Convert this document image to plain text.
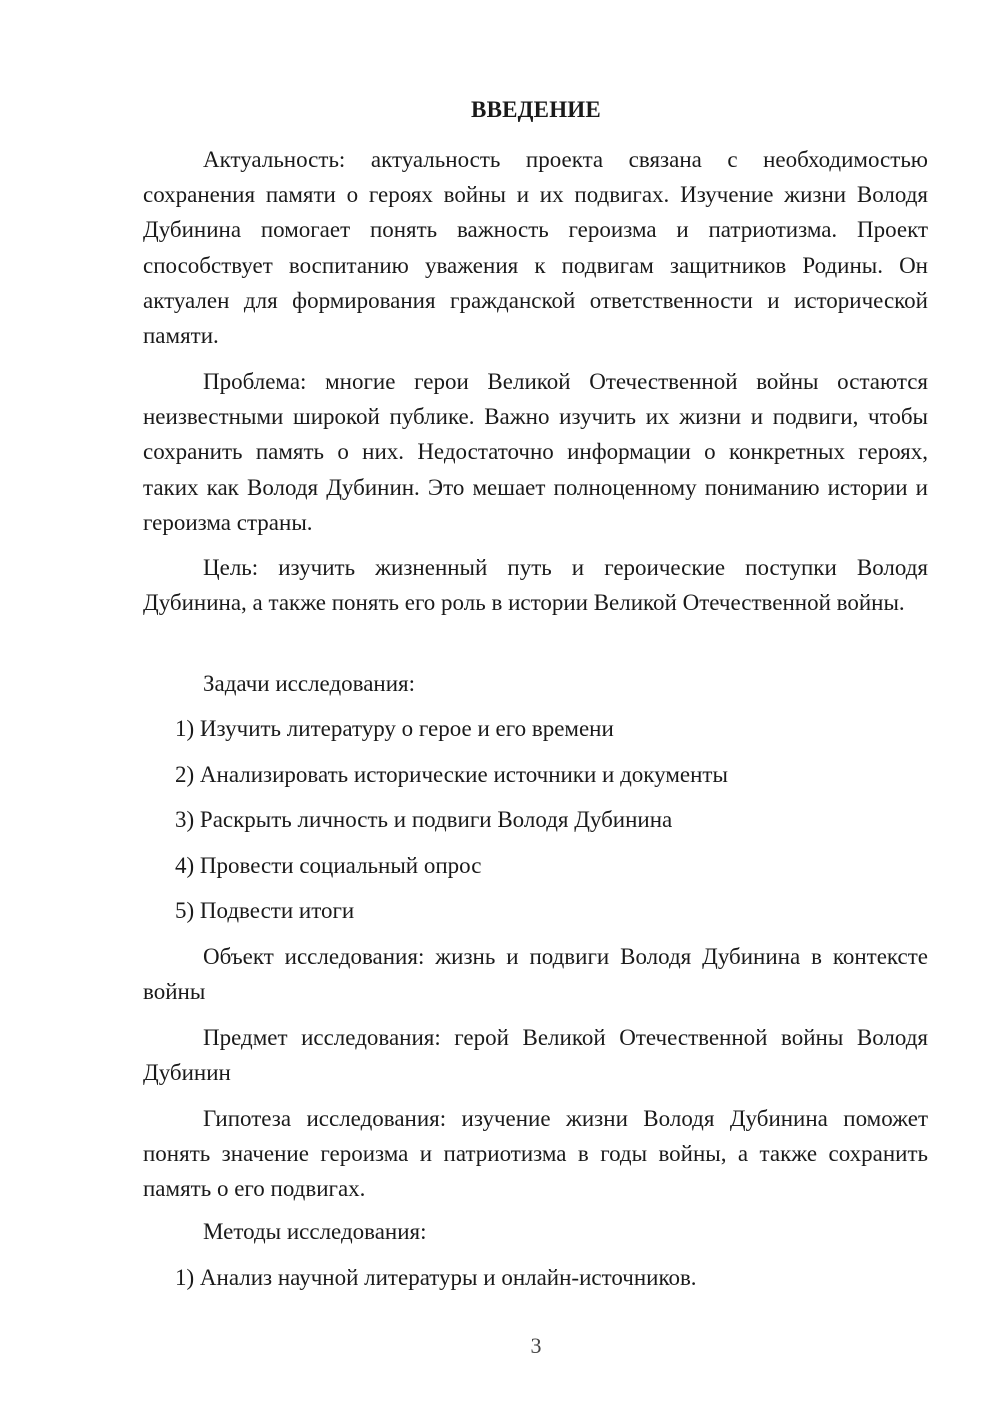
ВВЕДЕНИЕ

Актуальность: актуальность проекта связана с необходимостью сохранения памяти о героях войны и их подвигах. Изучение жизни Володя Дубинина помогает понять важность героизма и патриотизма. Проект способствует воспитанию уважения к подвигам защитников Родины. Он актуален для формирования гражданской ответственности и исторической памяти.

Проблема: многие герои Великой Отечественной войны остаются неизвестными широкой публике. Важно изучить их жизни и подвиги, чтобы сохранить память о них. Недостаточно информации о конкретных героях, таких как Володя Дубинин. Это мешает полноценному пониманию истории и героизма страны.

Цель: изучить жизненный путь и героические поступки Володя Дубинина, а также понять его роль в истории Великой Отечественной войны.

Задачи исследования:

1) Изучить литературу о герое и его времени

2) Анализировать исторические источники и документы

3) Раскрыть личность и подвиги Володя Дубинина

4) Провести социальный опрос

5) Подвести итоги

Объект исследования: жизнь и подвиги Володя Дубинина в контексте войны

Предмет исследования: герой Великой Отечественной войны Володя Дубинин

Гипотеза исследования: изучение жизни Володя Дубинина поможет понять значение героизма и патриотизма в годы войны, а также сохранить память о его подвигах.

Методы исследования:

1) Анализ научной литературы и онлайн-источников.

3
